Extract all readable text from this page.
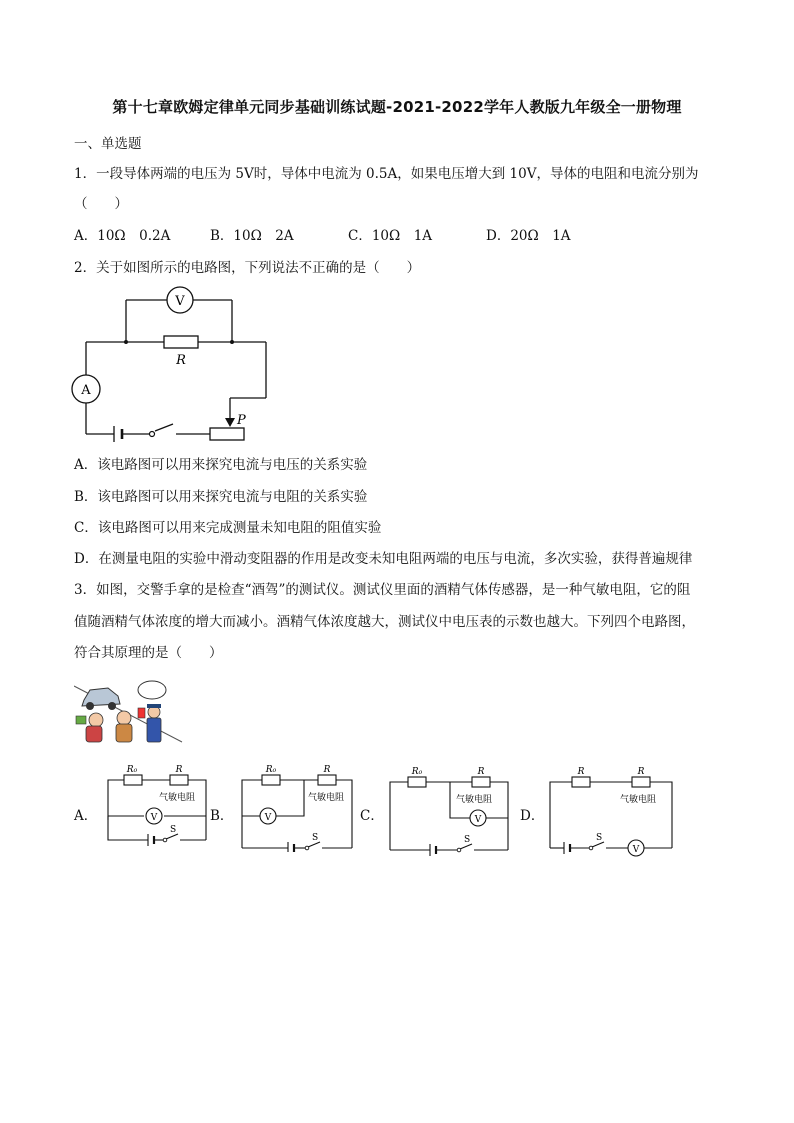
第十七章欧姆定律单元同步基础训练试题-2021-2022学年人教版九年级全一册物理
一、单选题
1．一段导体两端的电压为 5V时，导体中电流为 0.5A，如果电压增大到 10V，导体的电阻和电流分别为
（　　）
A．10Ω　0.2A	B．10Ω　2A	C．10Ω　1A	D．20Ω　1A
2．关于如图所示的电路图，下列说法不正确的是（　　）
V
R
A
P
A．该电路图可以用来探究电流与电压的关系实验
B．该电路图可以用来探究电流与电阻的关系实验
C．该电路图可以用来完成测量未知电阻的阻值实验
D．在测量电阻的实验中滑动变阻器的作用是改变未知电阻两端的电压与电流，多次实验，获得普遍规律
3．如图，交警手拿的是检查“酒驾”的测试仪。测试仪里面的酒精气体传感器，是一种气敏电阻，它的阻
值随酒精气体浓度的增大而减小。酒精气体浓度越大，测试仪中电压表的示数也越大。下列四个电路图，
符合其原理的是（　　）
A．	B．	C．	D．
R₀	R
气敏电阻
V
S
R₀	R
气敏电阻
V
S
R₀	R
气敏电阻
V
S
R	R
气敏电阻
S
V
